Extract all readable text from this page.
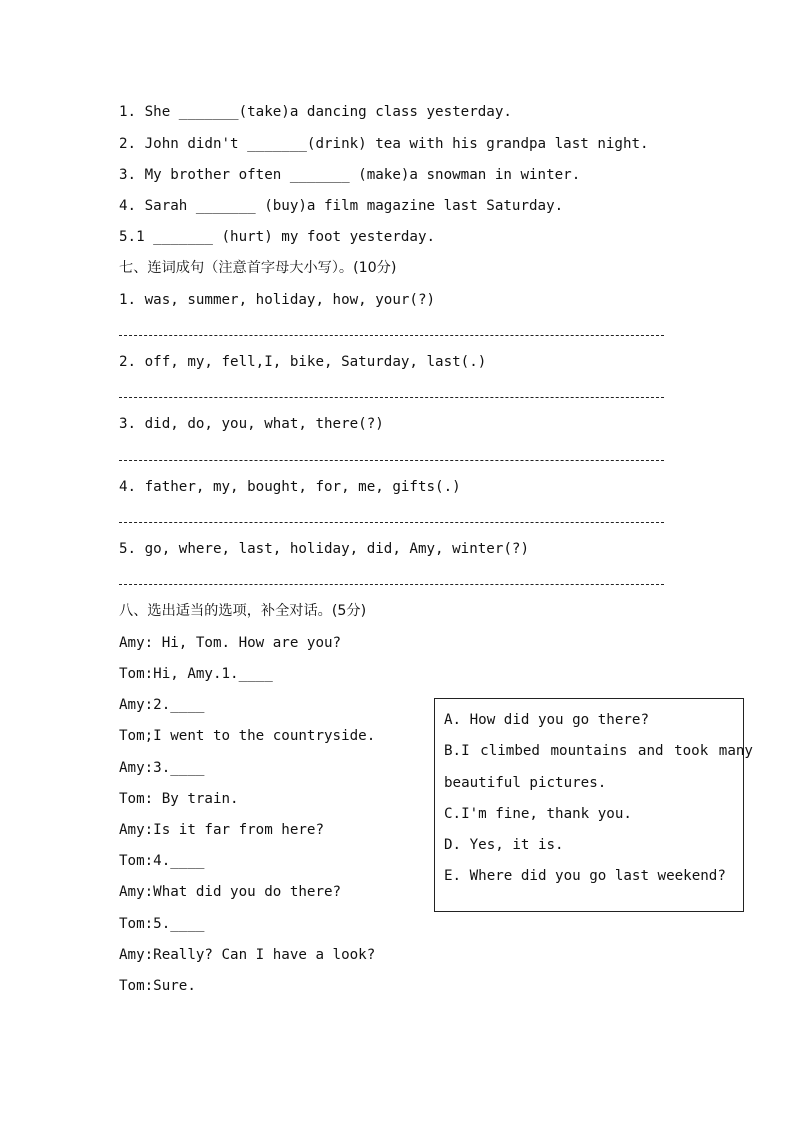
1. She _______(take)a dancing class yesterday.
2. John didn't _______(drink) tea with his grandpa last night.
3. My brother often _______ (make)a snowman in winter.
4. Sarah _______ (buy)a film magazine last Saturday.
5.1 _______ (hurt) my foot yesterday.
七、连词成句（注意首字母大小写）。(10分)
1. was, summer, holiday, how, your(?)
2. off, my, fell,I, bike, Saturday, last(.)
3. did, do, you, what, there(?)
4. father, my, bought, for, me, gifts(.)
5. go, where, last, holiday, did, Amy, winter(?)
八、选出适当的选项，补全对话。(5分)
Amy: Hi, Tom. How are you?
Tom:Hi, Amy.1.____
Amy:2.____
Tom;I went to the countryside.
Amy:3.____
Tom: By train.
Amy:Is it far from here?
Tom:4.____
Amy:What did you do there?
Tom:5.____
Amy:Really? Can I have a look?
Tom:Sure.
A. How did you go there?
B.I climbed mountains and took many
beautiful pictures.
C.I'm fine, thank you.
D. Yes, it is.
E. Where did you go last weekend?
